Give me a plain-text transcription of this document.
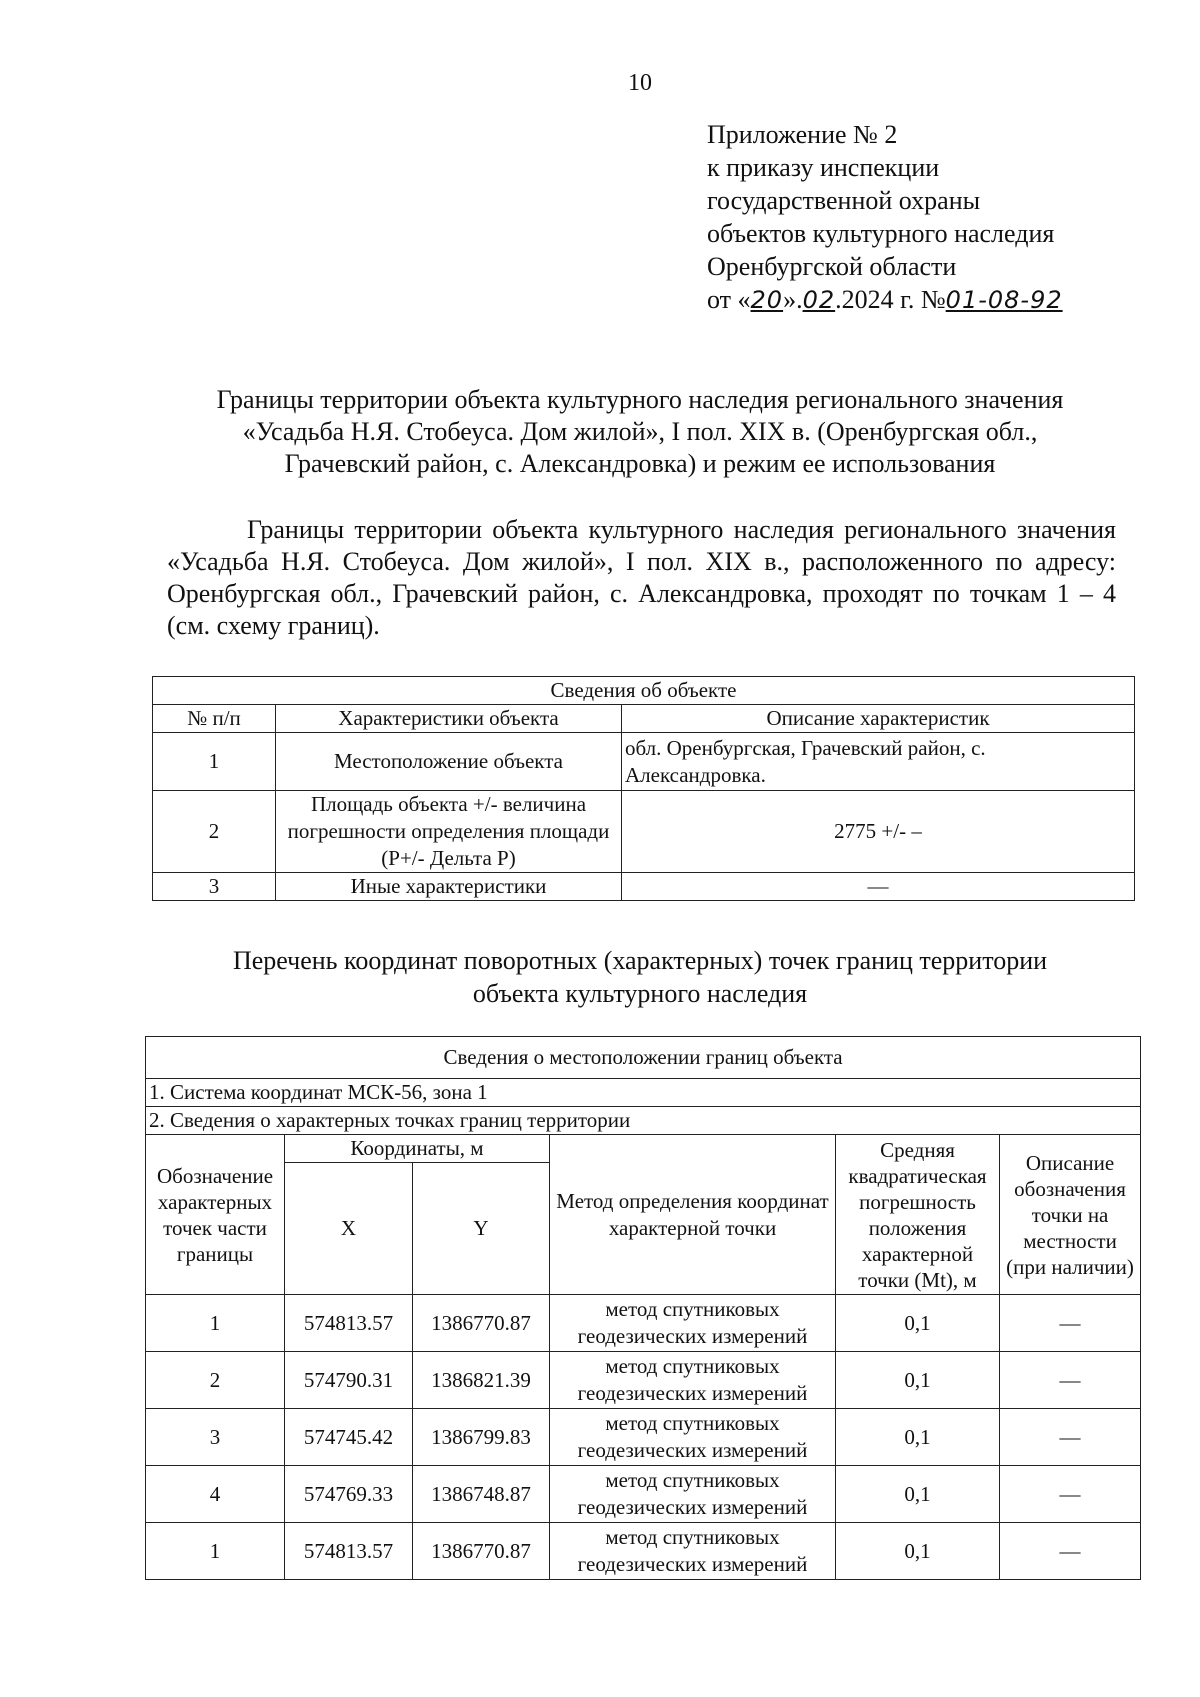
10
Приложение № 2
к приказу инспекции
государственной охраны
объектов культурного наследия
Оренбургской области
от «20».02.2024 г. №01-08-92
Границы территории объекта культурного наследия регионального значения
«Усадьба Н.Я. Стобеуса. Дом жилой», I пол. XIX в. (Оренбургская обл.,
Грачевский район, с. Александровка) и режим ее использования
Границы территории объекта культурного наследия регионального значения «Усадьба Н.Я. Стобеуса. Дом жилой», I пол. XIX в., расположенного по адресу: Оренбургская обл., Грачевский район, с. Александровка, проходят по точкам 1 – 4 (см. схему границ).
Сведения об объекте		
№ п/п	Характеристики объекта	Описание характеристик
1	Местоположение объекта	обл. Оренбургская, Грачевский район, с. Александровка.
2	Площадь объекта +/- величина погрешности определения площади (P+/- Дельта P)	2775 +/- –
3	Иные характеристики	—
Перечень координат поворотных (характерных) точек границ территории
объекта культурного наследия
Сведения о местоположении границ объекта					
1. Система координат МСК-56, зона 1					
2. Сведения о характерных точках границ территории					
Обозначение характерных точек части границы	Координаты, м		Метод определения координат характерной точки	Средняя квадратическая погрешность положения характерной точки (Mt), м	Описание обозначения точки на местности (при наличии)
	X	Y			
1	574813.57	1386770.87	метод спутниковых геодезических измерений	0,1	—
2	574790.31	1386821.39	метод спутниковых геодезических измерений	0,1	—
3	574745.42	1386799.83	метод спутниковых геодезических измерений	0,1	—
4	574769.33	1386748.87	метод спутниковых геодезических измерений	0,1	—
1	574813.57	1386770.87	метод спутниковых геодезических измерений	0,1	—
